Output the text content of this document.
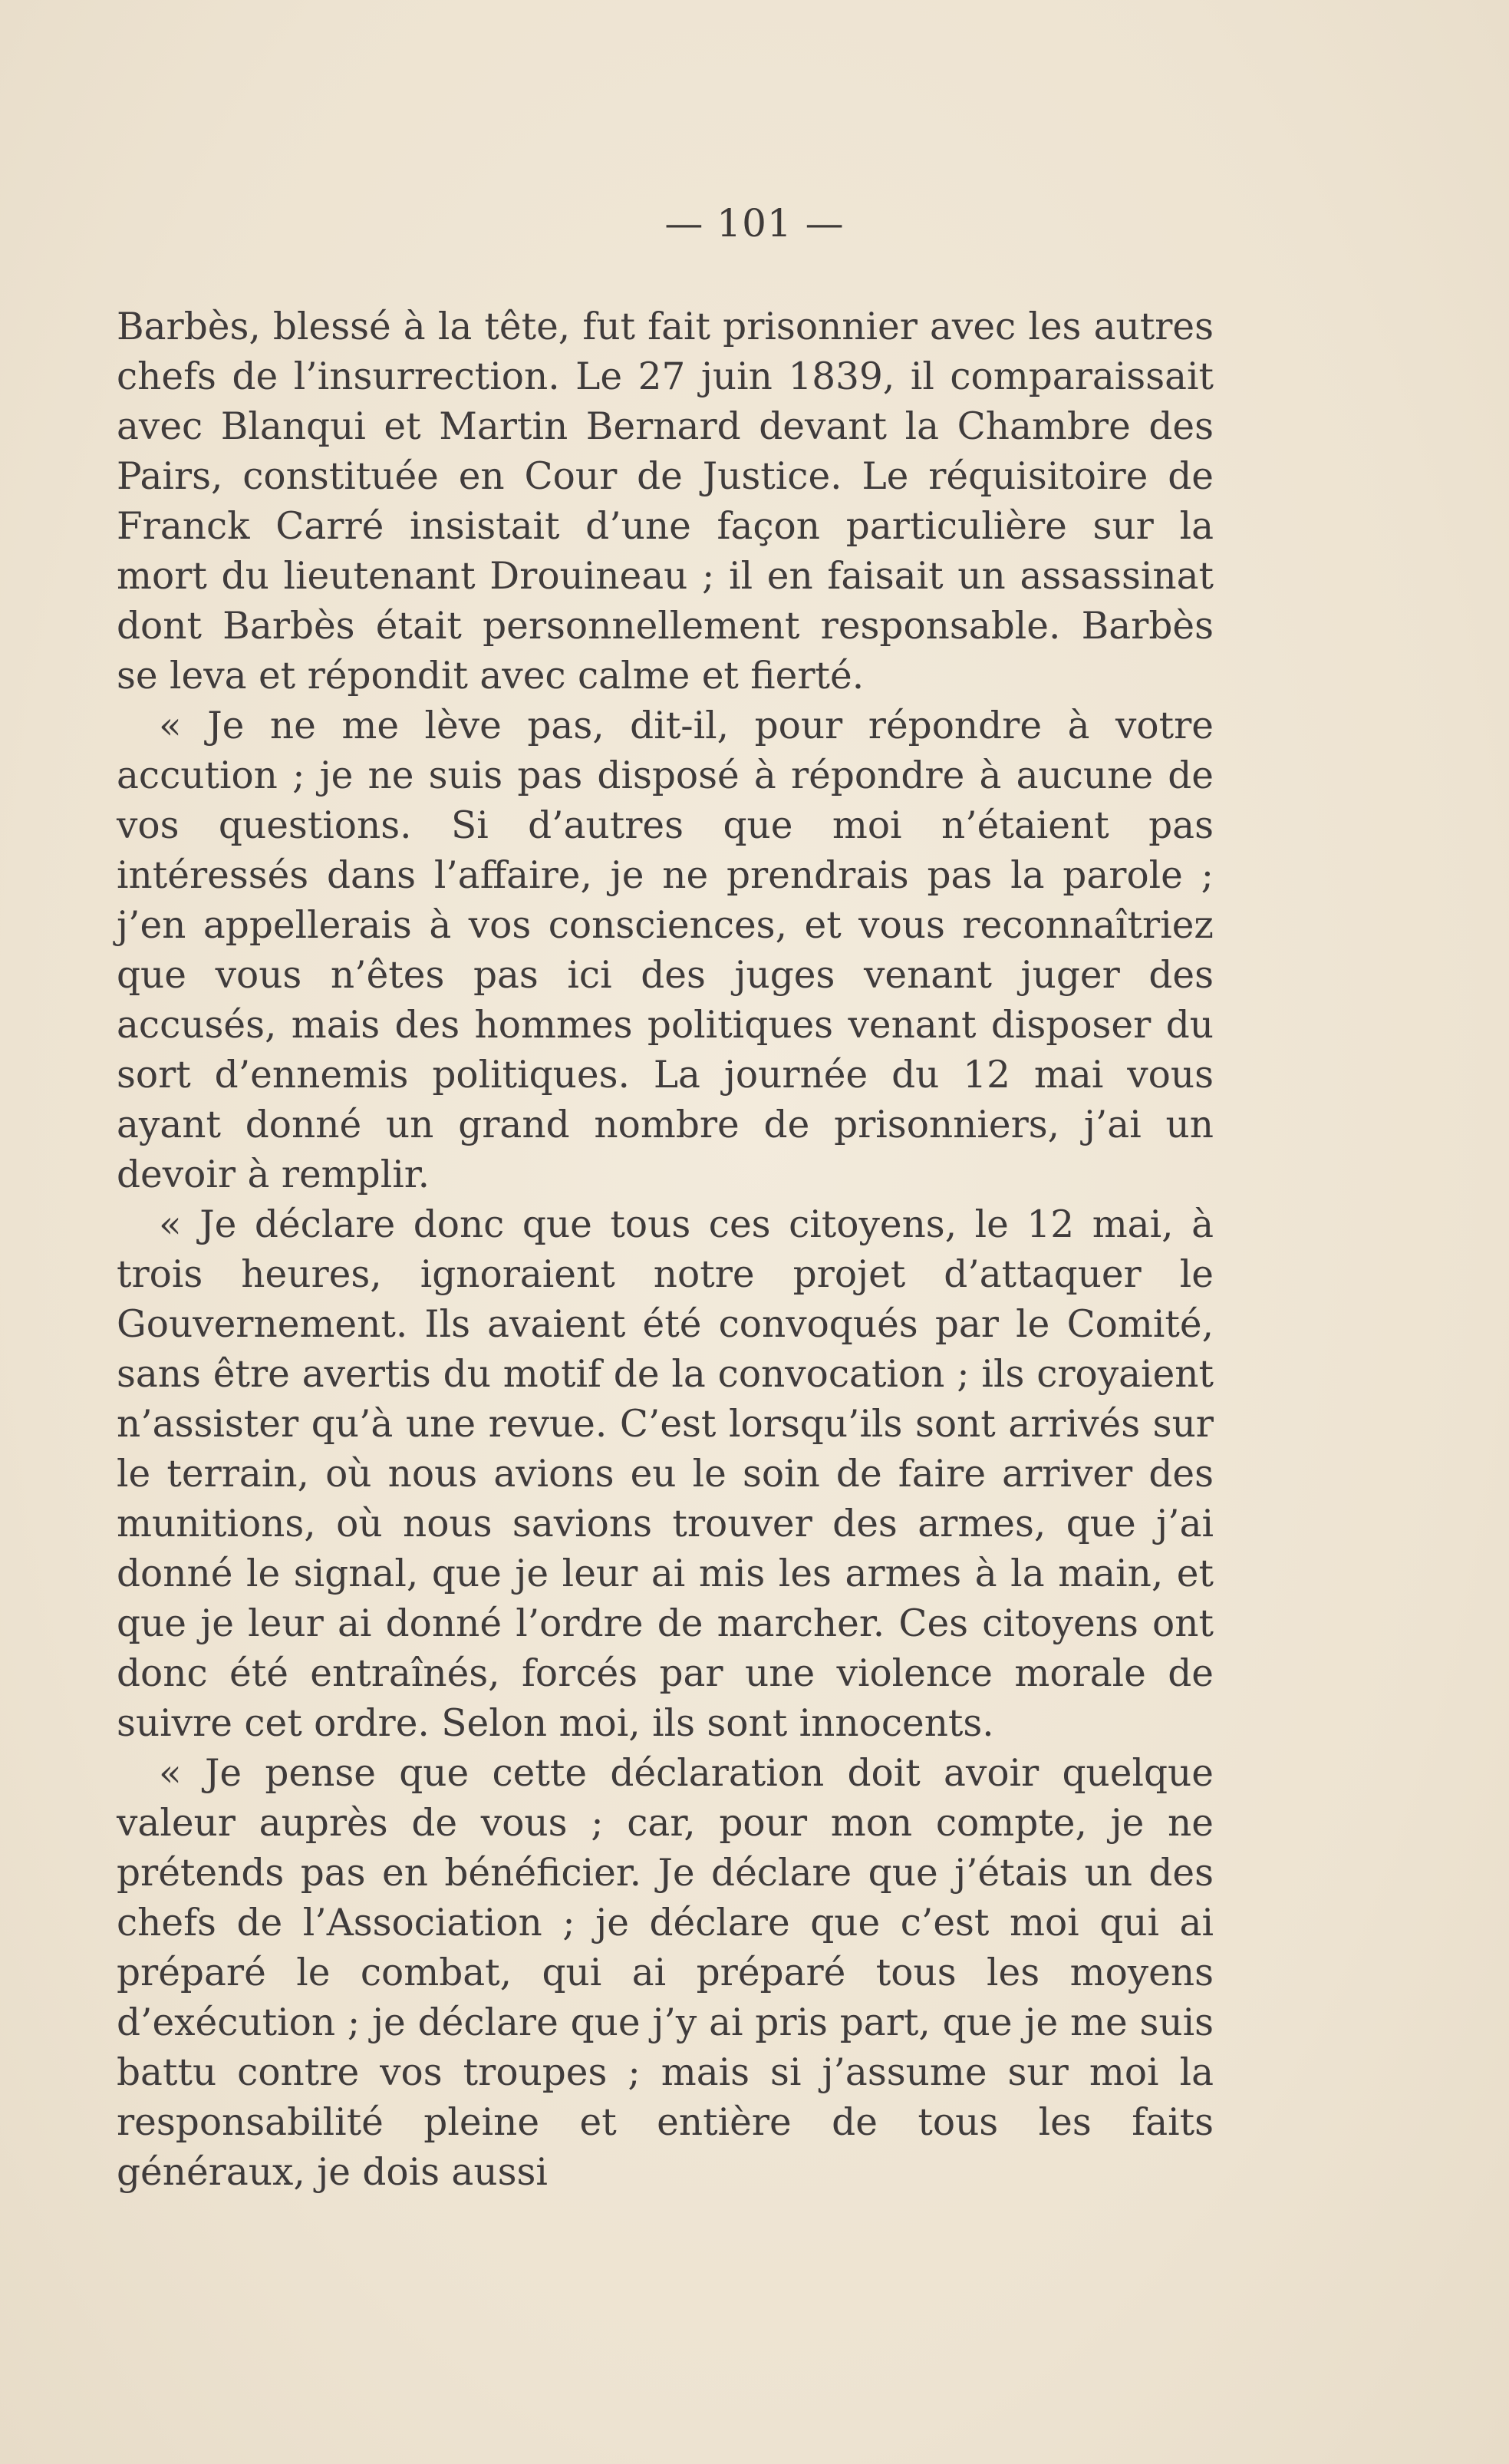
— 101 —

Barbès, blessé à la tête, fut fait prisonnier avec les autres chefs de l’insurrection. Le 27 juin 1839, il comparaissait avec Blanqui et Martin Bernard devant la Chambre des Pairs, constituée en Cour de Justice. Le réquisitoire de Franck Carré insistait d’une façon particulière sur la mort du lieutenant Drouineau ; il en faisait un assassinat dont Barbès était personnellement responsable. Barbès se leva et répondit avec calme et fierté.

« Je ne me lève pas, dit-il, pour répondre à votre accution ; je ne suis pas disposé à répondre à aucune de vos questions. Si d’autres que moi n’étaient pas intéressés dans l’affaire, je ne prendrais pas la parole ; j’en appellerais à vos consciences, et vous reconnaîtriez que vous n’êtes pas ici des juges venant juger des accusés, mais des hommes politiques venant disposer du sort d’ennemis politiques. La journée du 12 mai vous ayant donné un grand nombre de prisonniers, j’ai un devoir à remplir.

« Je déclare donc que tous ces citoyens, le 12 mai, à trois heures, ignoraient notre projet d’attaquer le Gouvernement. Ils avaient été convoqués par le Comité, sans être avertis du motif de la convocation ; ils croyaient n’assister qu’à une revue. C’est lorsqu’ils sont arrivés sur le terrain, où nous avions eu le soin de faire arriver des munitions, où nous savions trouver des armes, que j’ai donné le signal, que je leur ai mis les armes à la main, et que je leur ai donné l’ordre de marcher. Ces citoyens ont donc été entraînés, forcés par une violence morale de suivre cet ordre. Selon moi, ils sont innocents.

« Je pense que cette déclaration doit avoir quelque valeur auprès de vous ; car, pour mon compte, je ne prétends pas en bénéficier. Je déclare que j’étais un des chefs de l’Association ; je déclare que c’est moi qui ai préparé le combat, qui ai préparé tous les moyens d’exécution ; je déclare que j’y ai pris part, que je me suis battu contre vos troupes ; mais si j’assume sur moi la responsabilité pleine et entière de tous les faits généraux, je dois aussi
